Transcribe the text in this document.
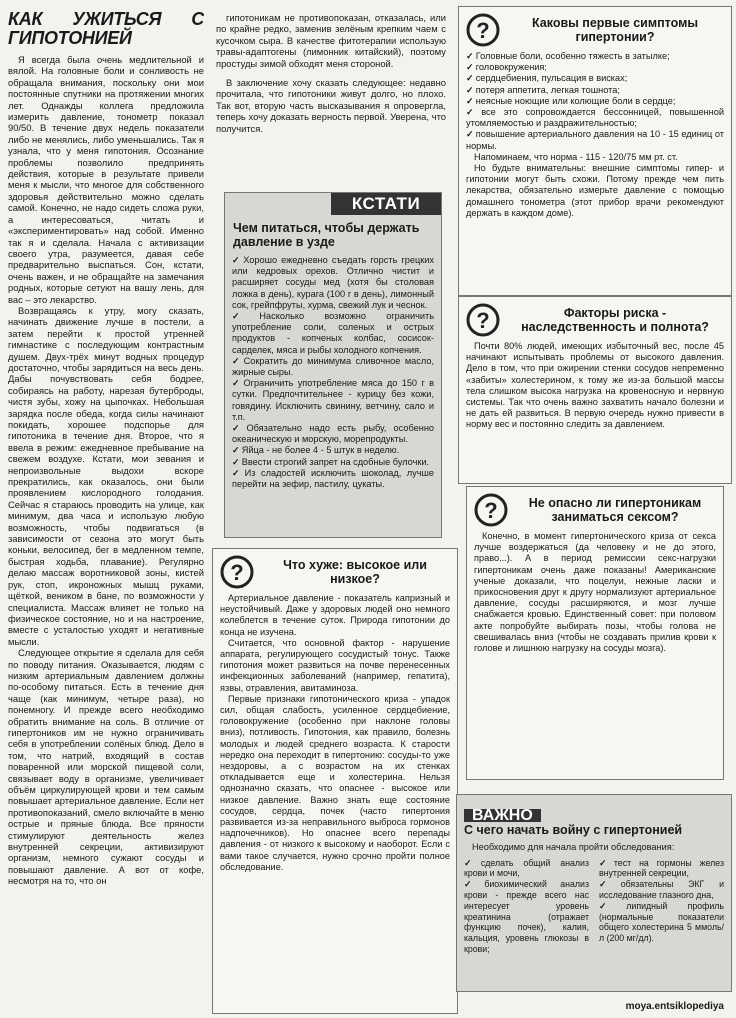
КАК УЖИТЬСЯ С ГИПОТОНИЕЙ

Я всегда была очень медлительной и вялой. На головные боли и сонливость не обращала внимания, поскольку они мои постоянные спутники на протяжении многих лет. Однажды коллега предложила измерить давление, тонометр показал 90/50. В течение двух недель показатели либо не менялись, либо уменьшались. Так я узнала, что у меня гипотония. Осознание проблемы позволило предпринять действия, которые в результате привели меня к мысли, что многое для собственного здоровья действительно можно сделать самой. Конечно, не надо сидеть сложа руки, а интересоваться, читать и «экспериментировать» над собой. Именно так я и сделала. Начала с активизации своего утра, разумеется, давая себе предварительно выспаться. Сон, кстати, очень важен, и не обращайте на замечания родных, которые сетуют на вашу лень, для вас – это лекарство.

Возвращаясь к утру, могу сказать, начинать движение лучше в постели, а затем перейти к простой утренней гимнастике с последующим контрастным душем. Двух-трёх минут водных процедур достаточно, чтобы зарядиться на весь день. Дабы почувствовать себя бодрее, собираясь на работу, нарезая бутерброды, чистя зубы, хожу на цыпочках. Небольшая зарядка после обеда, когда силы начинают покидать, хорошее подспорье для гипотоника в течение дня. Второе, что я ввела в режим: ежедневное пребывание на свежем воздухе. Кстати, мои зевания и непроизвольные выдохи вскоре прекратились, как оказалось, они были проявлением кислородного голодания. Сейчас я стараюсь проводить на улице, как минимум, два часа и использую любую возможность, чтобы подвигаться (в зависимости от сезона это могут быть коньки, велосипед, бег в медленном темпе, быстрая ходьба, плавание). Регулярно делаю массаж воротниковой зоны, кистей рук, стоп, икроножных мышц руками, щёткой, веником в бане, по возможности у специалиста. Массаж влияет не только на физическое состояние, но и на настроение, вместе с усталостью уходят и негативные мысли.

Следующее открытие я сделала для себя по поводу питания. Оказывается, людям с низким артериальным давлением должны по-особому питаться. Есть в течение дня чаще (как минимум, четыре раза), но понемногу. И прежде всего необходимо обратить внимание на соль. В отличие от гипертоников им не нужно ограничивать себя в употреблении солёных блюд. Дело в том, что натрий, входящий в состав поваренной или морской пищевой соли, связывает воду в организме, увеличивает объём циркулирующей крови и тем самым повышает артериальное давление. Если нет противопоказаний, смело включайте в меню острые и пряные блюда. Все пряности стимулируют деятельность желез внутренней секреции, активизируют организм, немного сужают сосуды и повышают давление. А вот от кофе, несмотря на то, что он

гипотоникам не противопоказан, отказалась, или по крайне редко, заменив зелёным крепким чаем с кусочком сыра. В качестве фитотерапии использую травы-адаптогены (лимонник китайский), поэтому простуды зимой обходят меня стороной.

В заключение хочу сказать следующее: недавно прочитала, что гипотоники живут долго, но плохо. Так вот, вторую часть высказывания я опровергла, теперь хочу доказать верность первой. Уверена, что получится.

КСТАТИ
Чем питаться, чтобы держать давление в узде

✓ Хорошо ежедневно съедать горсть грецких или кедровых орехов. Отлично чистит и расширяет сосуды мед (хотя бы столовая ложка в день), курага (100 г в день), лимонный сок, грейпфруты, хурма, свежий лук и чеснок.

✓ Насколько возможно ограничить употребление соли, соленых и острых продуктов - копченых колбас, сосисок-сарделек, мяса и рыбы холодного копчения.

✓ Сократить до минимума сливочное масло, жирные сыры.

✓ Ограничить употребление мяса до 150 г в сутки. Предпочтительнее - курицу без кожи, говядину. Исключить свинину, ветчину, сало и т.п.

✓ Обязательно надо есть рыбу, особенно океаническую и морскую, морепродукты.

✓ Яйца - не более 4 - 5 штук в неделю.

✓ Ввести строгий запрет на сдобные булочки.

✓ Из сладостей исключить шоколад, лучше перейти на зефир, пастилу, цукаты.

?	Что хуже: высокое или низкое?

Артериальное давление - показатель капризный и неустойчивый. Даже у здоровых людей оно немного колеблется в течение суток. Природа гипотонии до конца не изучена.

Считается, что основной фактор - нарушение аппарата, регулирующего сосудистый тонус. Также гипотония может развиться на почве перенесенных инфекционных заболеваний (например, гепатита), язвы, отравления, авитаминоза.

Первые признаки гипотонического криза - упадок сил, общая слабость, усиленное сердцебиение, головокружение (особенно при наклоне головы вниз), потливость. Гипотония, как правило, болезнь молодых и людей среднего возраста. К старости нередко она переходит в гипертонию: сосуды-то уже нездоровы, а с возрастом на их стенках откладывается еще и холестерина. Нельзя однозначно сказать, что опаснее - высокое или низкое давление. Важно знать еще состояние сосудов, сердца, почек (часто гипертония развивается из-за неправильного выброса гормонов надпочечников). Но опаснее всего перепады давления - от низкого к высокому и наоборот. Если с вами такое случается, нужно срочно пройти полное обследование.

?	Каковы первые симптомы гипертонии?

✓ Головные боли, особенно тяжесть в затылке;

✓ головокружения;

✓ сердцебиения, пульсация в висках;

✓ потеря аппетита, легкая тошнота;

✓ неясные ноющие или колющие боли в сердце;

✓ все это сопровождается бессонницей, повышенной утомляемостью и раздражительностью;

✓ повышение артериального давления на 10 - 15 единиц от нормы.

Напоминаем, что норма - 115 - 120/75 мм рт. ст.

Но будьте внимательны: внешние симптомы гипер- и гипотонии могут быть схожи. Потому прежде чем пить лекарства, обязательно измерьте давление с помощью домашнего тонометра (этот прибор врачи рекомендуют держать в каждом доме).

?	Факторы риска - наследственность и полнота?

Почти 80% людей, имеющих избыточный вес, после 45 начинают испытывать проблемы от высокого давления. Дело в том, что при ожирении стенки сосудов непременно «забиты» холестерином, к тому же из-за большой массы тела слишком высока нагрузка на кровеносную и нервную системы. Так что очень важно захватить начало болезни и не дать ей развиться. В первую очередь нужно привести в норму вес и постоянно следить за давлением.

?	Не опасно ли гипертоникам заниматься сексом?

Конечно, в момент гипертонического криза от секса лучше воздержаться (да человеку и не до этого, право...). А в период ремиссии секс-нагрузки гипертоникам очень даже показаны! Американские ученые доказали, что поцелуи, нежные ласки и прикосновения друг к другу нормализуют артериальное давление, сосуды расширяются, и мозг лучше снабжается кровью. Единственный совет: при половом акте попробуйте выбирать позы, чтобы голова не свешивалась вниз (чтобы не создавать прилив крови к голове и лишнюю нагрузку на сосуды мозга).

ВАЖНО
С чего начать войну с гипертонией

Необходимо для начала пройти обследования:

✓ сделать общий анализ крови и мочи,

✓ биохимический анализ крови - прежде всего нас интересует уровень креатинина (отражает функцию почек), калия, кальция, уровень глюкозы в крови;

✓ тест на гормоны желез внутренней секреции,

✓ обязательны ЭКГ и исследование глазного дна,

✓ липидный профиль (нормальные показатели общего холестерина 5 ммоль/л (200 мг/дл).

moya.entsiklopediya
